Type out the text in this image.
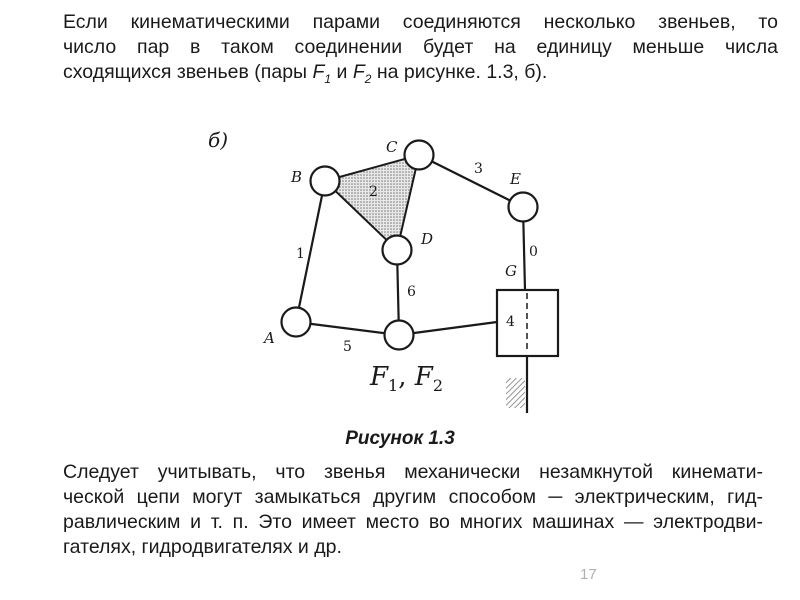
Если кинематическими парами соединяются несколько звеньев, то
число пар в таком соединении будет на единицу меньше числа
сходящихся звеньев (пары $F_1$ и $F_2$ на рисунке. 1.3, б).
б)
B
C
D
E
A
G
1
2
3
0
6
5
4
$F_1$, $F_2$
Рисунок 1.3
Следует учитывать, что звенья механически незамкнутой кинемати-
ческой цепи могут замыкаться другим способом ─ электрическим, гид-
равлическим и т. п. Это имеет место во многих машинах — электродви-
гателях, гидродвигателях и др.
17
